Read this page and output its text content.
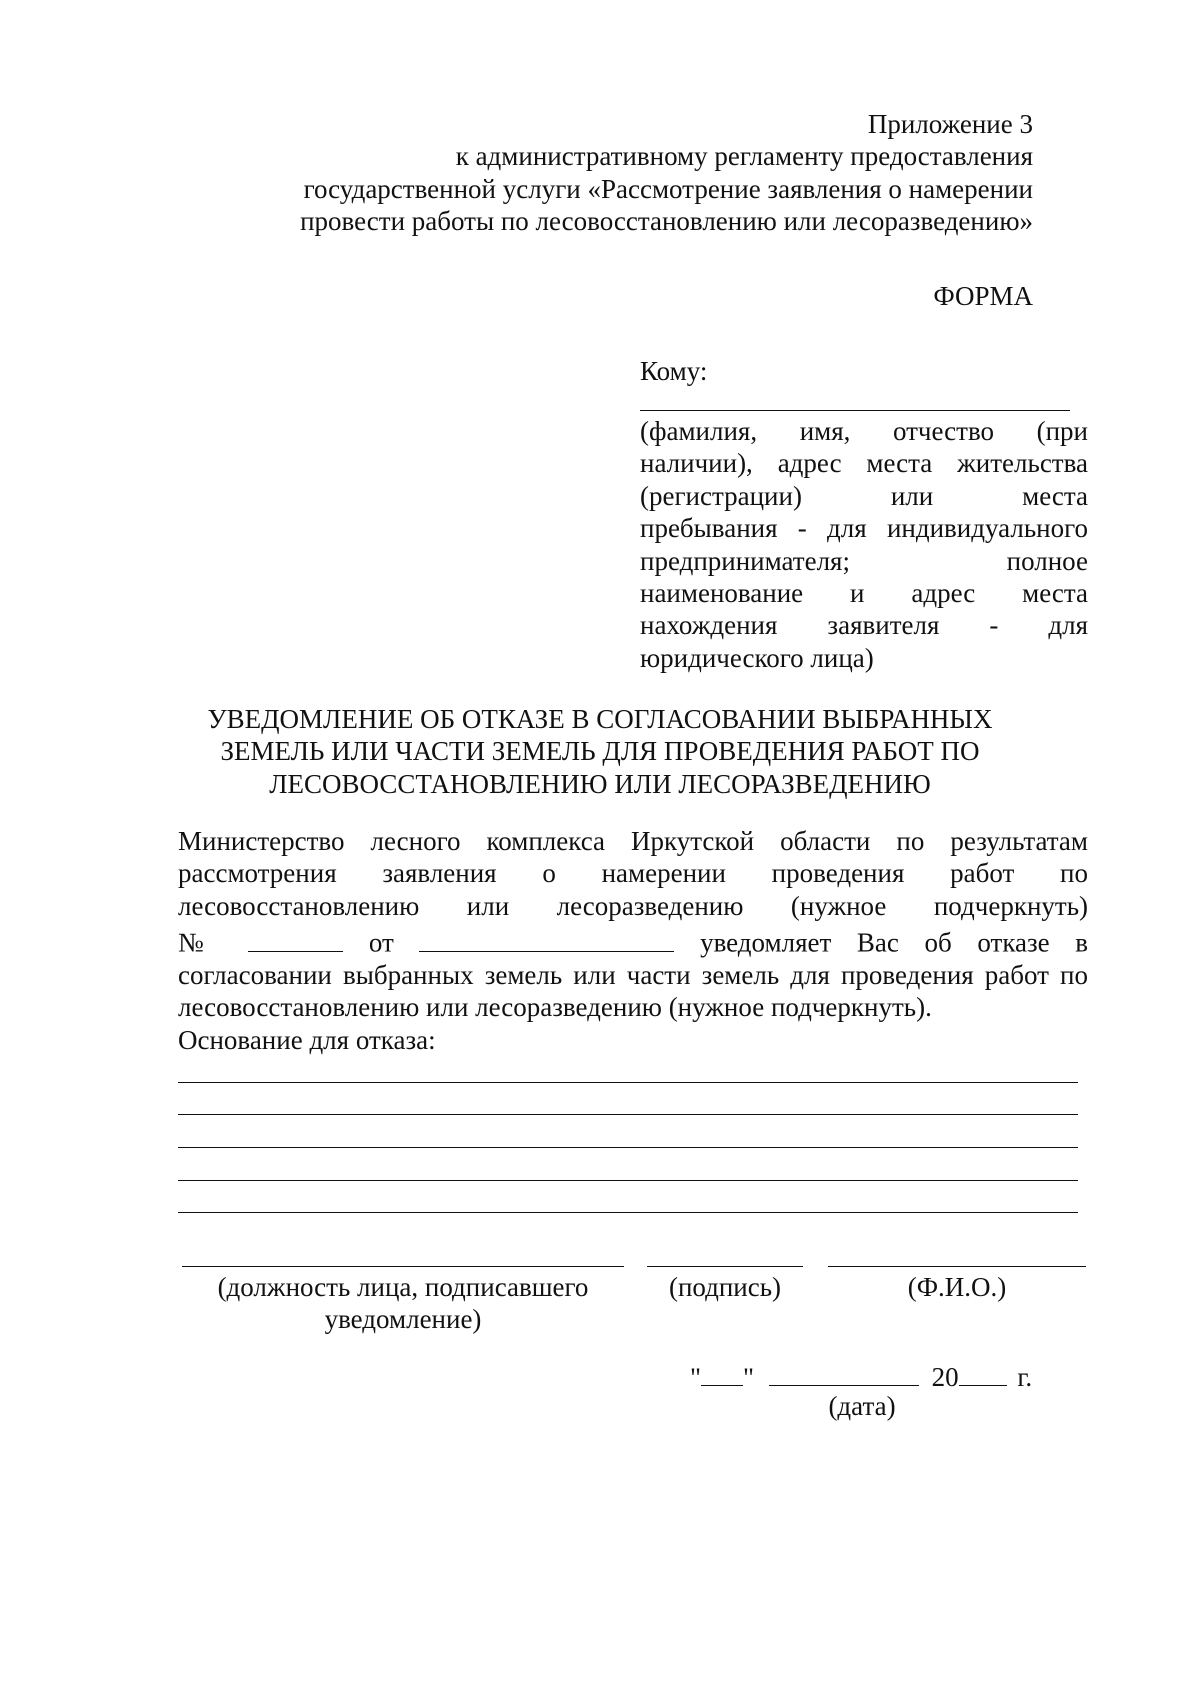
Приложение 3
к административному регламенту предоставления
государственной услуги «Рассмотрение заявления о намерении
провести работы по лесовосстановлению или лесоразведению»
ФОРМА
Кому:
(фамилия, имя, отчество (при
наличии), адрес места жительства
(регистрации) или места
пребывания - для индивидуального
предпринимателя; полное
наименование и адрес места
нахождения заявителя - для
юридического лица)
УВЕДОМЛЕНИЕ ОБ ОТКАЗЕ В СОГЛАСОВАНИИ ВЫБРАННЫХ
ЗЕМЕЛЬ ИЛИ ЧАСТИ ЗЕМЕЛЬ ДЛЯ ПРОВЕДЕНИЯ РАБОТ ПО
ЛЕСОВОССТАНОВЛЕНИЮ ИЛИ ЛЕСОРАЗВЕДЕНИЮ
Министерство лесного комплекса Иркутской области по результатам
рассмотрения заявления о намерении проведения работ по
лесовосстановлению или лесоразведению (нужное подчеркнуть)
№	от	уведомляет Вас об отказе в
согласовании выбранных земель или части земель для проведения работ по
лесовосстановлению или лесоразведению (нужное подчеркнуть).
Основание для отказа:
(должность лица, подписавшего
уведомление)
(подпись)	(Ф.И.О.)
" "	20 г.
(дата)
